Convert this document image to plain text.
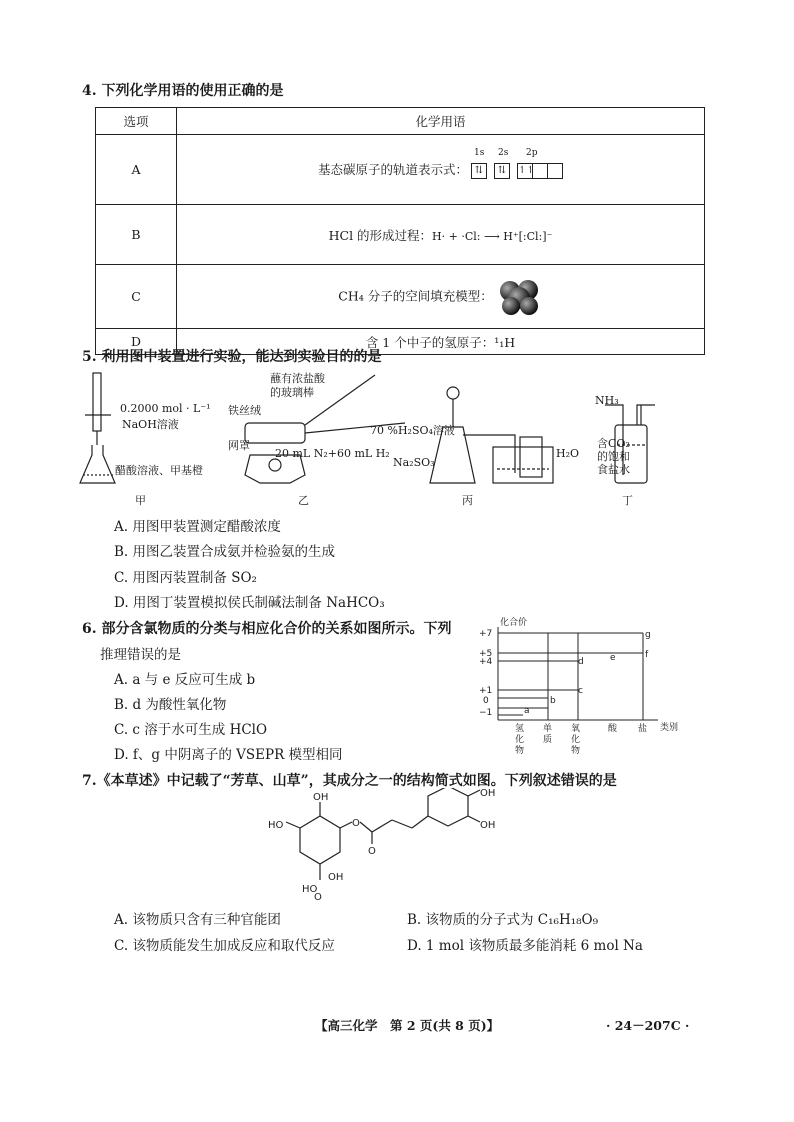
4. 下列化学用语的使用正确的是
选项	化学用语
A	基态碳原子的轨道表示式：
1s 2s 2p
⇅ ⇅ ↿↿
B	HCl 的形成过程：H· + ·Cl: ⟶ H⁺[:Cl:]⁻
C	CH₄ 分子的空间填充模型：
D	含 1 个中子的氢原子：¹₁H
5. 利用图中装置进行实验，能达到实验目的的是
0.2000 mol · L⁻¹
NaOH溶液
醋酸溶液、甲基橙
铁丝绒
网罩
蘸有浓盐酸
的玻璃棒
20 mL N₂+60 mL H₂
70 %H₂SO₄溶液
Na₂SO₃
H₂O
NH₃
含CO₂
的饱和
食盐水
甲	乙	丙	丁
A. 用图甲装置测定醋酸浓度
B. 用图乙装置合成氨并检验氨的生成
C. 用图丙装置制备 SO₂
D. 用图丁装置模拟侯氏制碱法制备 NaHCO₃
6. 部分含氯物质的分类与相应化合价的关系如图所示。下列
推理错误的是
A. a 与 e 反应可生成 b
B. d 为酸性氧化物
C. c 溶于水可生成 HClO
D. f、g 中阴离子的 VSEPR 模型相同
化合价
+7
+5
+4
+1
0
−1	a
b
c
d	e	f
g
类别
酸 盐
氢
化
物
单
质
氧
化
物
7.《本草述》中记载了“芳草、山草”，其成分之一的结构简式如图。下列叙述错误的是
OH	OH
OH
HO
HO
O
O
OH
O
A. 该物质只含有三种官能团	B. 该物质的分子式为 C₁₆H₁₈O₉
C. 该物质能发生加成反应和取代反应	D. 1 mol 该物质最多能消耗 6 mol Na
【高三化学　第 2 页(共 8 页)】	· 24－207C ·
